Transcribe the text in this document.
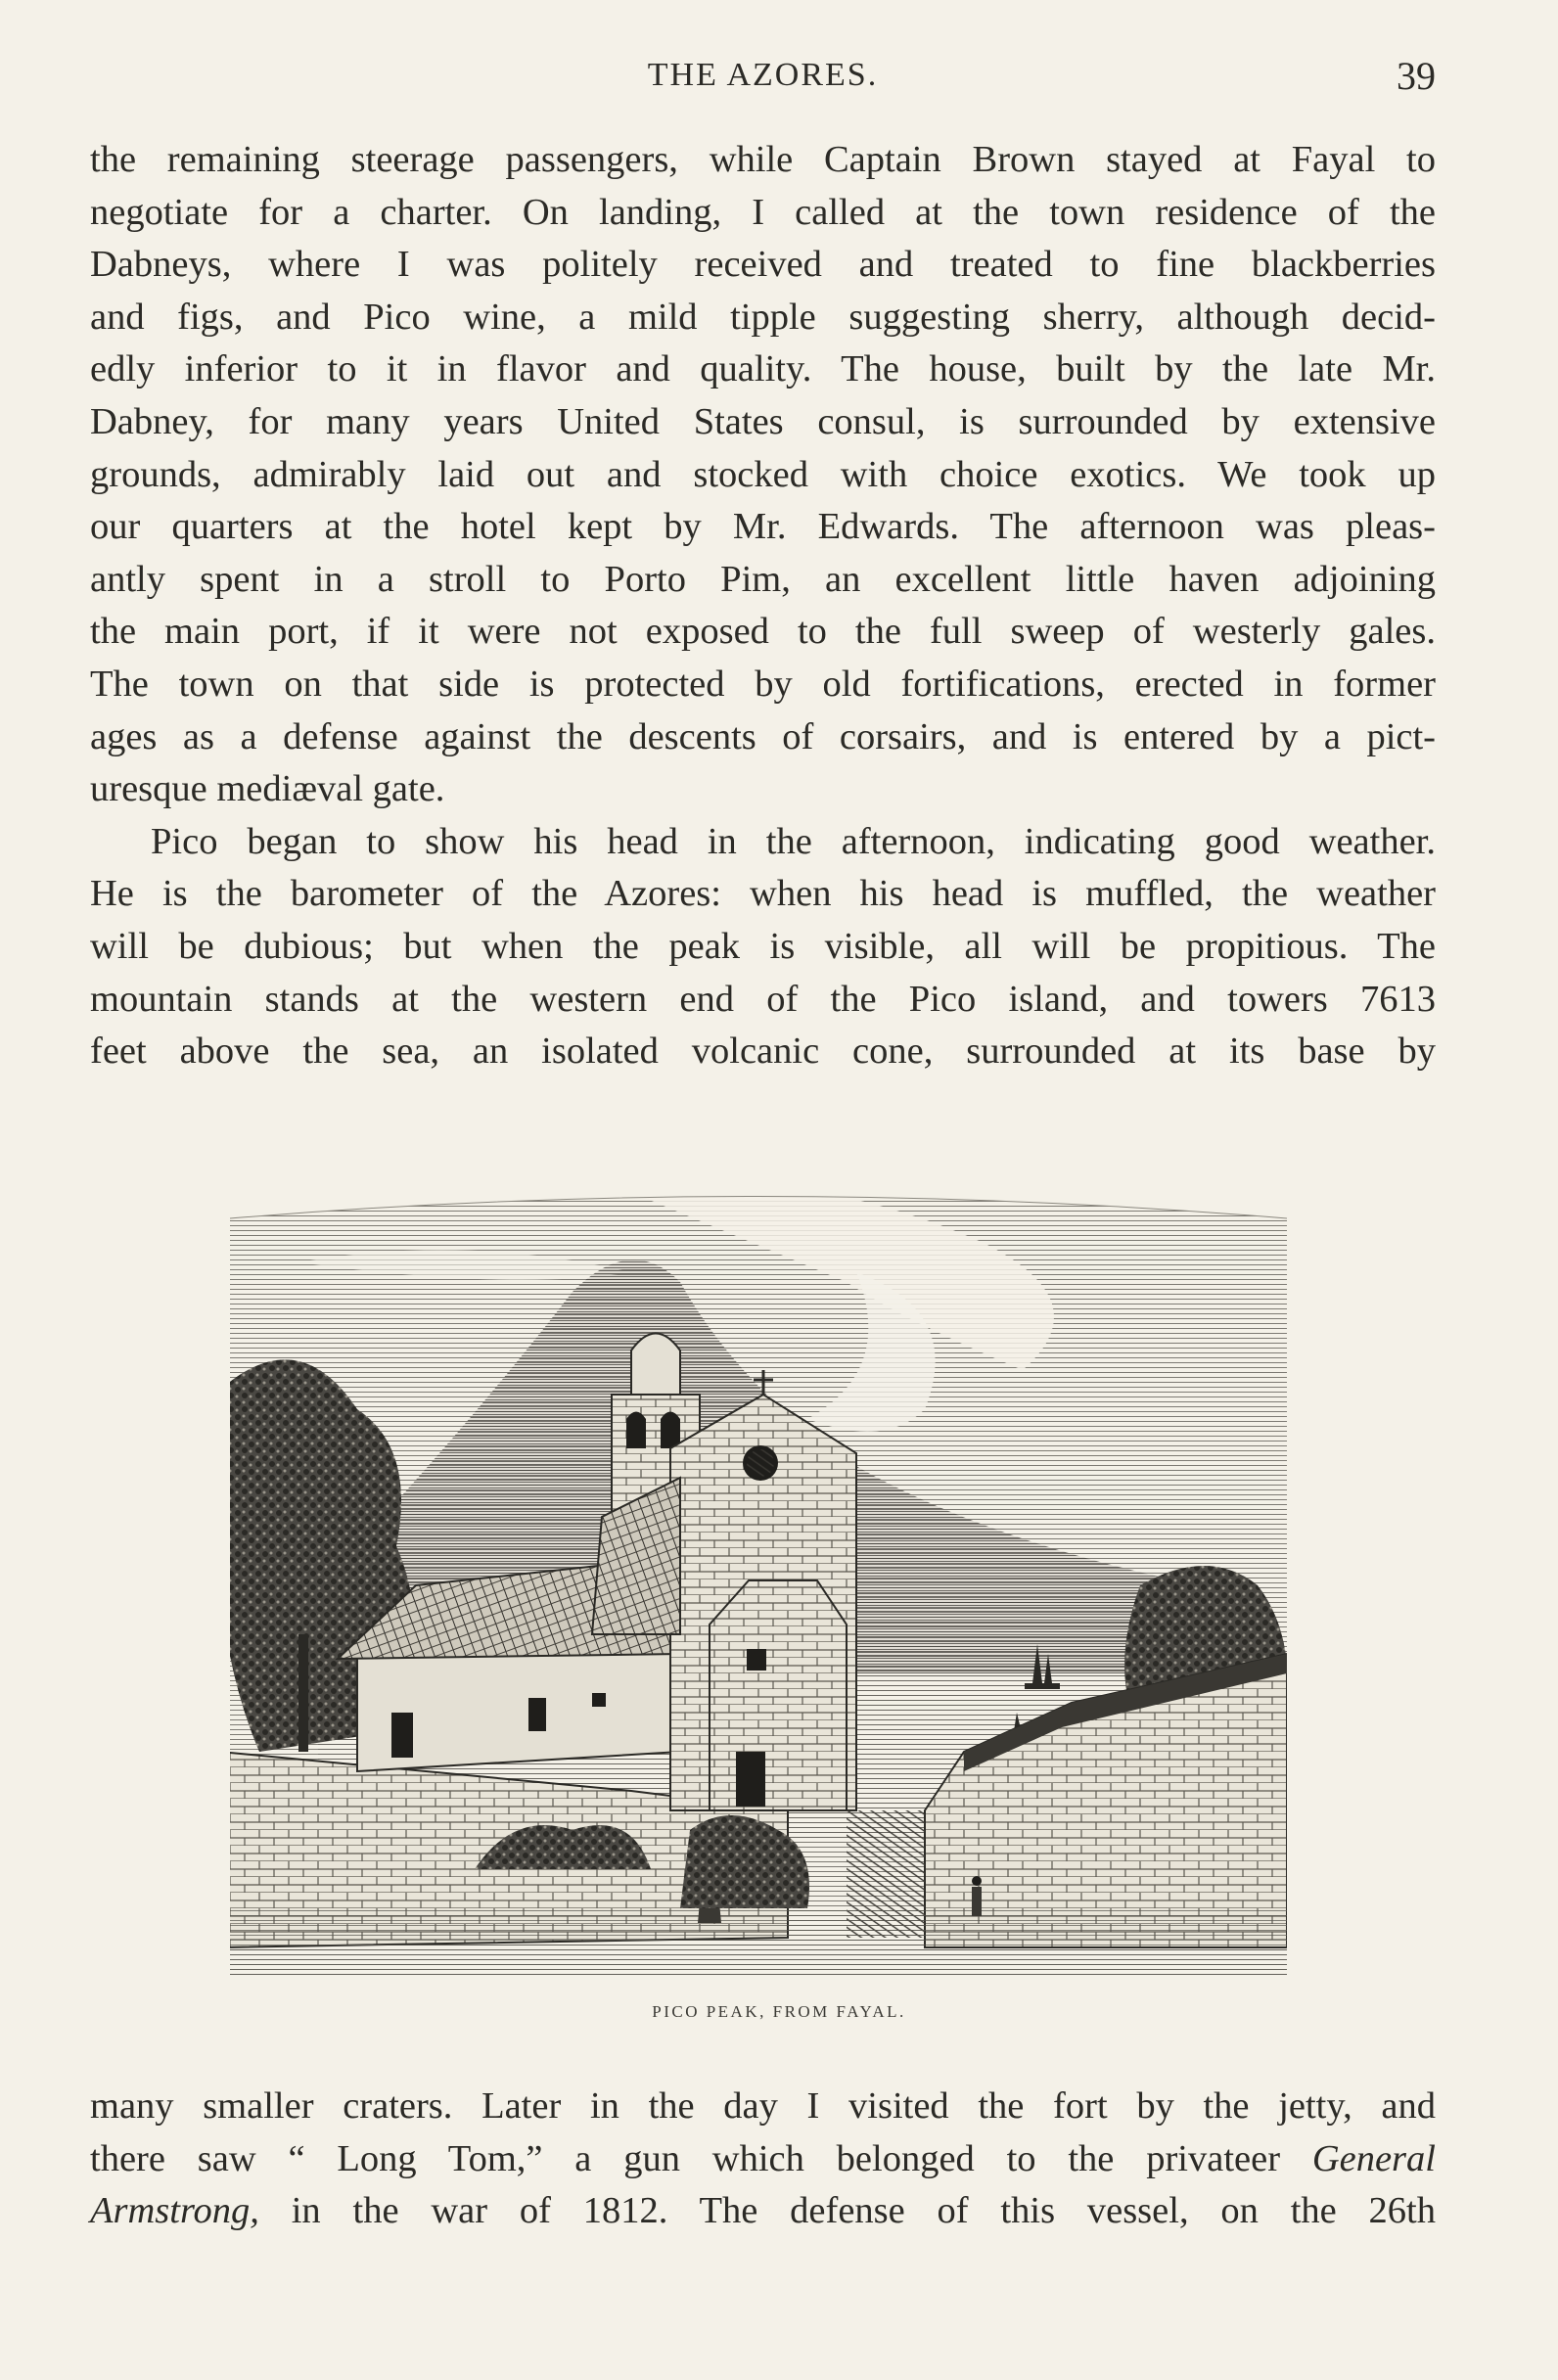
THE AZORES.	39
the remaining steerage passengers, while Captain Brown stayed at Fayal to
negotiate for a charter. On landing, I called at the town residence of the
Dabneys, where I was politely received and treated to fine blackberries
and figs, and Pico wine, a mild tipple suggesting sherry, although decid-
edly inferior to it in flavor and quality. The house, built by the late Mr.
Dabney, for many years United States consul, is surrounded by extensive
grounds, admirably laid out and stocked with choice exotics. We took up
our quarters at the hotel kept by Mr. Edwards. The afternoon was pleas-
antly spent in a stroll to Porto Pim, an excellent little haven adjoining
the main port, if it were not exposed to the full sweep of westerly gales.
The town on that side is protected by old fortifications, erected in former
ages as a defense against the descents of corsairs, and is entered by a pict-
uresque mediæval gate.
Pico began to show his head in the afternoon, indicating good weather.
He is the barometer of the Azores: when his head is muffled, the weather
will be dubious; but when the peak is visible, all will be propitious. The
mountain stands at the western end of the Pico island, and towers 7613
feet above the sea, an isolated volcanic cone, surrounded at its base by
PICO PEAK, FROM FAYAL.
many smaller craters. Later in the day I visited the fort by the jetty, and
there saw “ Long Tom,” a gun which belonged to the privateer General
Armstrong, in the war of 1812. The defense of this vessel, on the 26th
